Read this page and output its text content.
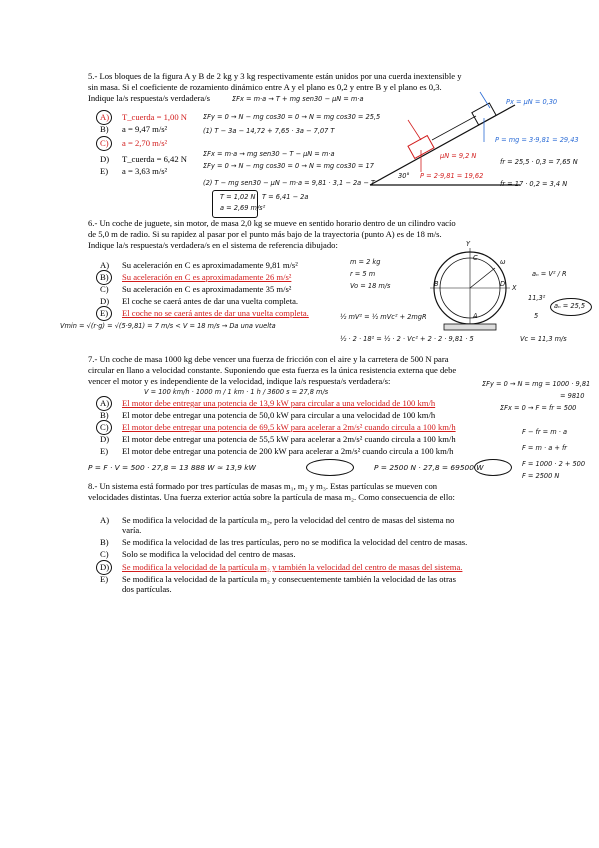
5.- Los bloques de la figura A y B de 2 kg y 3 kg respectivamente están unidos por una cuerda inextensible y
sin masa. Si el coeficiente de rozamiento dinámico entre A y el plano es 0,2 y entre B y el plano es 0,3.
Indique la/s respuesta/s verdadera/s
A) T_cuerda = 1,00 N
B) a = 9,47 m/s²
C) a = 2,70 m/s²
D) T_cuerda = 6,42 N
E) a = 3,63 m/s²
ΣFx = m·a → T + mg sen30 − μN = m·a
ΣFy = 0 → N − mg cos30 = 0 → N = mg cos30 = 25,5
(1) T − 3a − 14,72 + 7,65 · 3a − 7,07 T
ΣFx = m·a → mg sen30 − T − μN = m·a
ΣFy = 0 → N − mg cos30 = 0 → N = mg cos30 = 17
(2) T − mg sen30 − μN − m·a = 9,81 · 3,1 − 2a − T
T = 6,41 − 2a
T = 1,02 N
a = 2,69 m/s²
Px = μN = 0,30
P = mg = 3·9,81 = 29,43
μN = 9,2 N
P = 2·9,81 = 19,62
30°
fr = 25,5 · 0,3 = 7,65 N
fr = 17 · 0,2 = 3,4 N
6.- Un coche de juguete, sin motor, de masa 2,0 kg se mueve en sentido horario dentro de un cilindro vacío
de 5,0 m de radio. Si su rapidez al pasar por el punto más bajo de la trayectoria (punto A) es de 18 m/s.
Indique la/s respuesta/s verdadera/s en el sistema de referencia dibujado:
A) Su aceleración en C es aproximadamente 9,81 m/s²
B) Su aceleración en C es aproximadamente 26 m/s²
C) Su aceleración en C es aproximadamente 35 m/s²
D) El coche se caerá antes de dar una vuelta completa.
E) El coche no se caerá antes de dar una vuelta completa.
m = 2 kg
r = 5 m
Vo = 18 m/s
Y
X
ω
A
B
C
D
aₙ = V² / R
11,3²
5
aₙ = 25,5
½ mV² = ½ mVc² + 2mgR
Vmin = √(r·g) = √(5·9,81) = 7 m/s < V = 18 m/s → Da una vuelta
½ · 2 · 18² = ½ · 2 · Vc² + 2 · 2 · 9,81 · 5	Vc = 11,3 m/s
7.- Un coche de masa 1000 kg debe vencer una fuerza de fricción con el aire y la carretera de 500 N para
circular en llano a velocidad constante. Suponiendo que esta fuerza es la única resistencia externa que debe
vencer el motor y es independiente de la velocidad, indique la/s respuesta/s verdadera/s:
V = 100 km/h · 1000 m / 1 km · 1 h / 3600 s = 27,8 m/s
ΣFy = 0 → N = mg = 1000 · 9,81
= 9810
A) El motor debe entregar una potencia de 13,9 kW para circular a una velocidad de 100 km/h
B) El motor debe entregar una potencia de 50,0 kW para circular a una velocidad de 100 km/h
C) El motor debe entregar una potencia de 69,5 kW para acelerar a 2m/s² cuando circula a 100 km/h
D) El motor debe entregar una potencia de 55,5 kW para acelerar a 2m/s² cuando circula a 100 km/h
E) El motor debe entregar una potencia de 200 kW para acelerar a 2m/s² cuando circula a 100 km/h
ΣFx = 0 → F = fr = 500
F − fr = m · a
F = m · a + fr
F = 1000 · 2 + 500
F = 2500 N
P = F · V = 500 · 27,8 = 13 888 W ≈ 13,9 kW	P = 2500 N · 27,8 = 69500 W
8.- Un sistema está formado por tres partículas de masas m₁, m₂ y m₃. Estas partículas se mueven con
velocidades distintas. Una fuerza exterior actúa sobre la partícula de masa m₂. Como consecuencia de ello:
A) Se modifica la velocidad de la partícula m₂, pero la velocidad del centro de masas del sistema no
varía.
B) Se modifica la velocidad de las tres partículas, pero no se modifica la velocidad del centro de masas.
C) Solo se modifica la velocidad del centro de masas.
D) Se modifica la velocidad de la partícula m₂ y también la velocidad del centro de masas del sistema.
E) Se modifica la velocidad de la partícula m₂ y consecuentemente también la velocidad de las otras
dos partículas.
